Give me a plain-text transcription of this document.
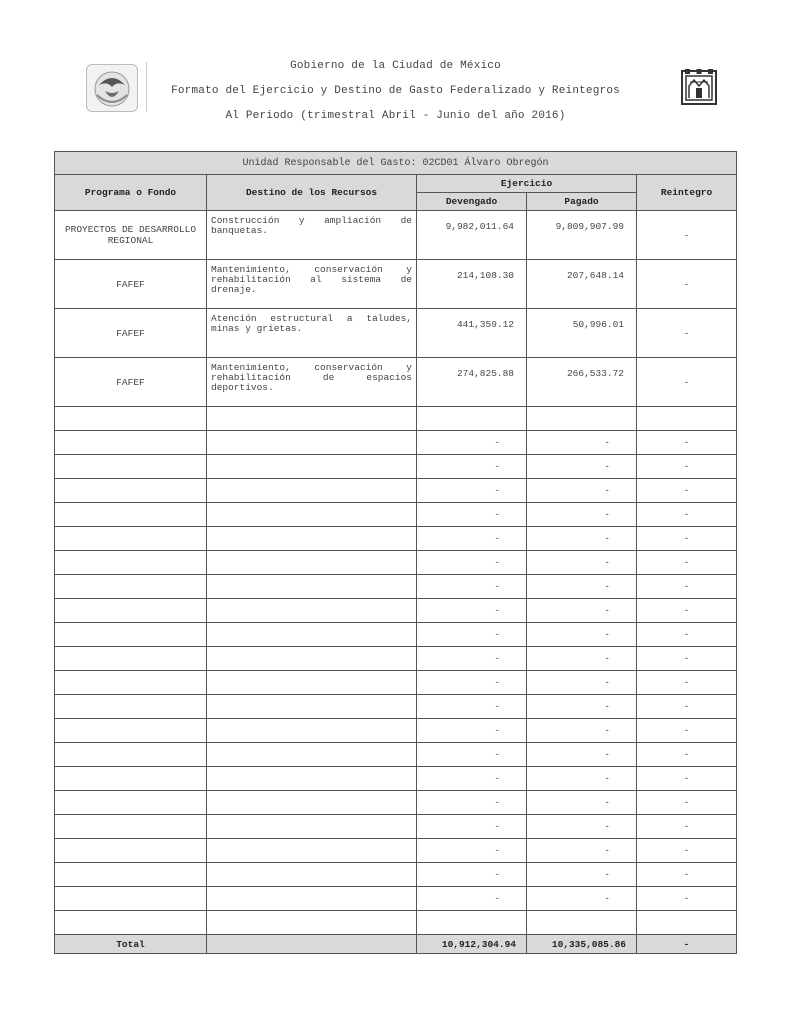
Gobierno de la Ciudad de México
Formato del Ejercicio y Destino de Gasto Federalizado y Reintegros
Al Periodo (trimestral Abril - Junio del año 2016)
Unidad Responsable del Gasto: 02CD01 Álvaro Obregón				
Programa o Fondo	Destino de los Recursos	Ejercicio		Reintegro
		Devengado	Pagado	
PROYECTOS DE DESARROLLO REGIONAL	Construcción y ampliación de banquetas.	9,982,011.64	9,809,907.99	-
FAFEF	Mantenimiento, conservación y rehabilitación al sistema de drenaje.	214,108.30	207,648.14	-
FAFEF	Atención estructural a taludes, minas y grietas.	441,359.12	50,996.01	-
FAFEF	Mantenimiento, conservación y rehabilitación de espacios deportivos.	274,825.88	266,533.72	-

		-	-	-
		-	-	-
		-	-	-
		-	-	-
		-	-	-
		-	-	-
		-	-	-
		-	-	-
		-	-	-
		-	-	-
		-	-	-
		-	-	-
		-	-	-
		-	-	-
		-	-	-
		-	-	-
		-	-	-
		-	-	-
		-	-	-
		-	-	-

Total		10,912,304.94	10,335,085.86	-
